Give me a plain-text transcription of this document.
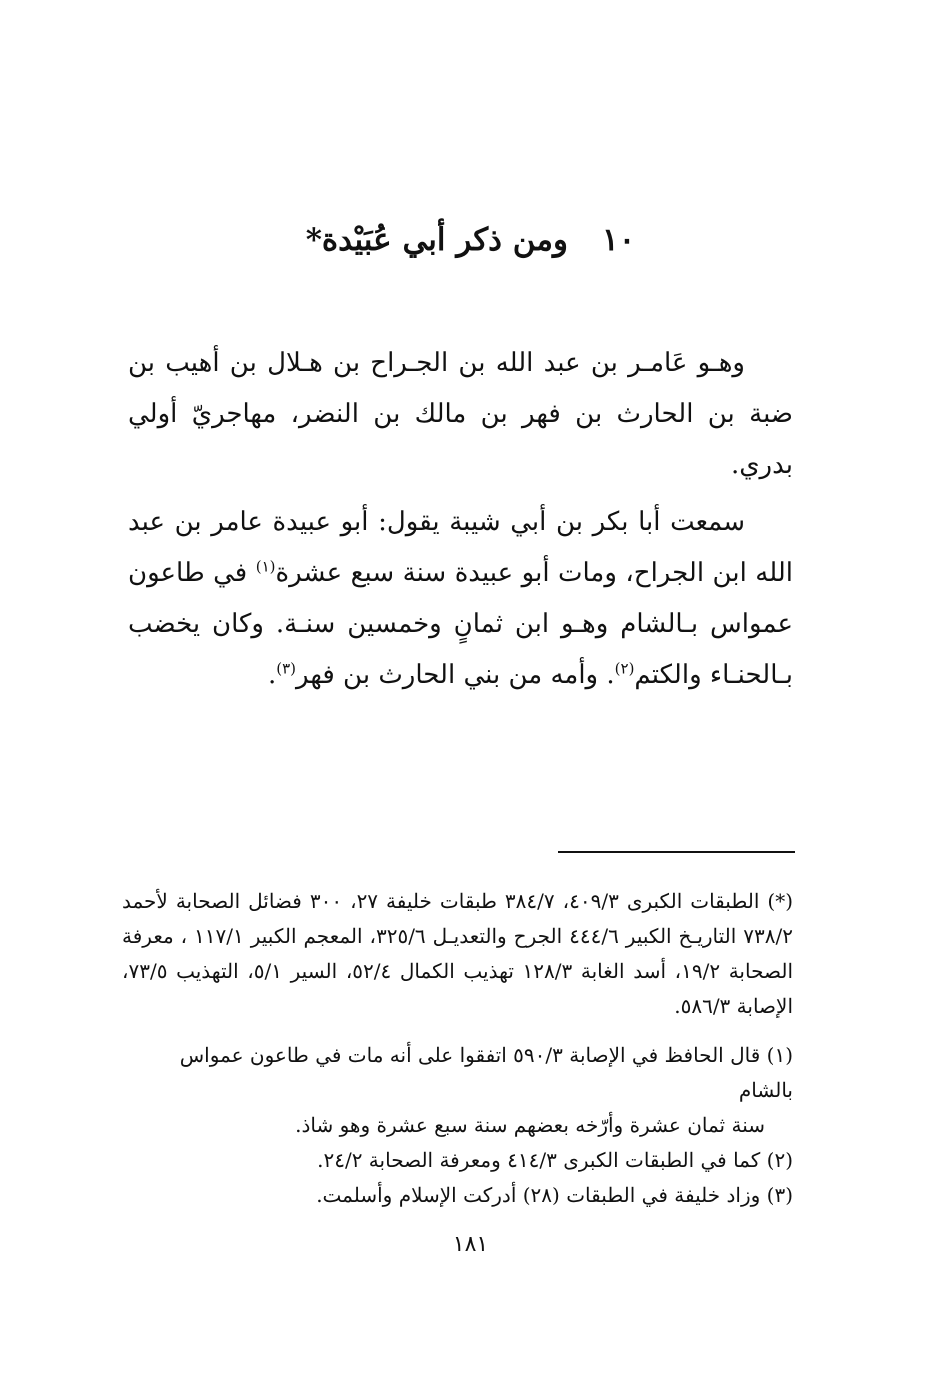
١٠ومن ذكر أبي عُبَيْدة*

وهـو عَامـر بن عبد الله بن الجـراح بن هـلال بن أهيب بن ضبة بن الحارث بن فهر بن مالك بن النضر، مهاجريّ أولي بدري.

سمعت أبا بكر بن أبي شيبة يقول: أبو عبيدة عامر بن عبد الله ابن الجراح، ومات أبو عبيدة سنة سبع عشرة$^{(١)}$ في طاعون عمواس بـالشام وهـو ابن ثمانٍ وخمسين سنـة. وكان يخضب بـالحنـاء والكتم$^{(٢)}$. وأمه من بني الحارث بن فهر$^{(٣)}$.

(*) الطبقات الكبرى ٤٠٩/٣، ٣٨٤/٧ طبقات خليفة ٢٧، ٣٠٠ فضائل الصحابة لأحمد ٧٣٨/٢ التاريـخ الكبير ٤٤٤/٦ الجرح والتعديـل ٣٢٥/٦، المعجم الكبير ١١٧/١ ، معرفة الصحابة ١٩/٢، أسد الغابة ١٢٨/٣ تهذيب الكمال ٥٢/٤، السير ٥/١، التهذيب ٧٣/٥، الإصابة ٥٨٦/٣.

(١) قال الحافظ في الإصابة ٥٩٠/٣ اتفقوا على أنه مات في طاعون عمواس بالشام
سنة ثمان عشرة وأرّخه بعضهم سنة سبع عشرة وهو شاذ.
(٢) كما في الطبقات الكبرى ٤١٤/٣ ومعرفة الصحابة ٢٤/٢.
(٣) وزاد خليفة في الطبقات (٢٨) أدركت الإسلام وأسلمت.
١٨١
